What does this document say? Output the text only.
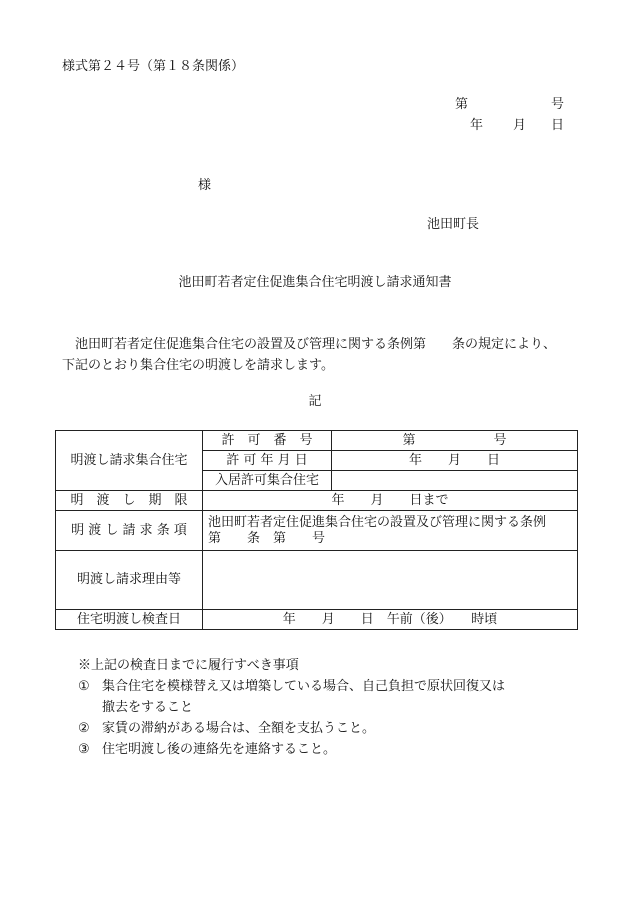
様式第２４号（第１８条関係）
第	号
年 月 日
様
池田町長
池田町若者定住促進集合住宅明渡し請求通知書

　池田町若者定住促進集合住宅の設置及び管理に関する条例第　　条の規定により、

下記のとおり集合住宅の明渡しを請求します。

記
明渡し請求集合住宅	許　可　番　号	第　　　　　　号
	許 可 年 月 日	年　　月　　日
	入居許可集合住宅	
明　渡　し　期　限	年　　月　　日まで	
明 渡 し 請 求 条 項	池田町若者定住促進集合住宅の設置及び管理に関する条例
第　　条　第　　号	

明渡し請求理由等		
住宅明渡し検査日	年　　月　　日　午前（後）　　時頃	
※上記の検査日までに履行すべき事項
① 集合住宅を模様替え又は増築している場合、自己負担で原状回復又は
撤去をすること
② 家賃の滞納がある場合は、全額を支払うこと。
③ 住宅明渡し後の連絡先を連絡すること。
